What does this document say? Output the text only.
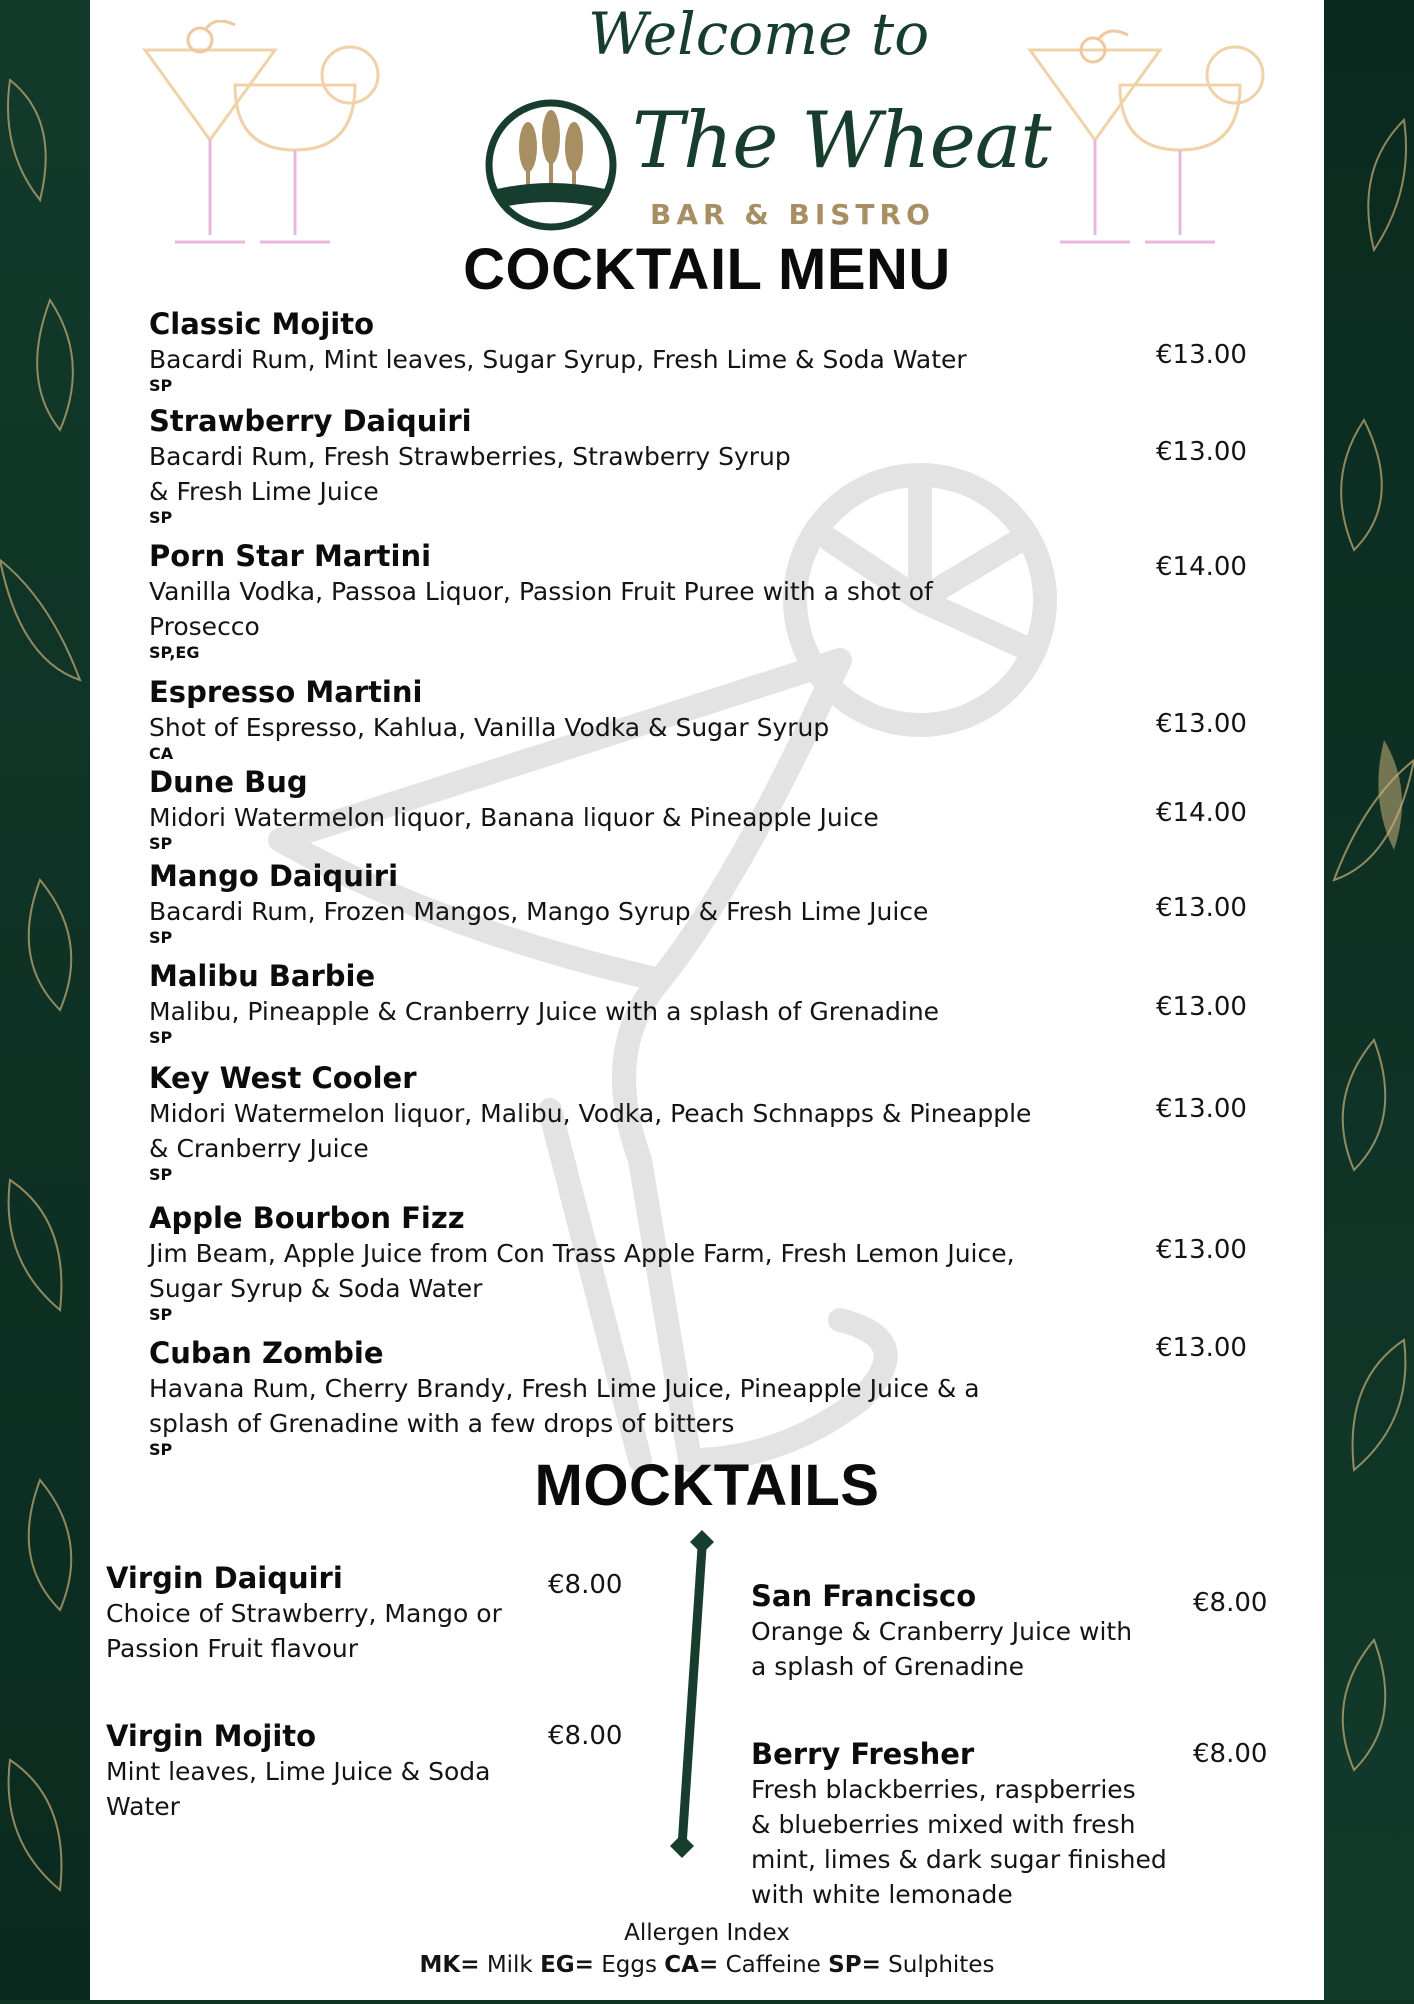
Welcome to
The Wheat
BAR & BISTRO
COCKTAIL MENU
Classic Mojito
Bacardi Rum, Mint leaves, Sugar Syrup, Fresh Lime & Soda Water
SP
€13.00
Strawberry Daiquiri
Bacardi Rum, Fresh Strawberries, Strawberry Syrup
& Fresh Lime Juice
SP
€13.00
Porn Star Martini
Vanilla Vodka, Passoa Liquor, Passion Fruit Puree with a shot of
Prosecco
SP,EG
€14.00
Espresso Martini
Shot of Espresso, Kahlua, Vanilla Vodka & Sugar Syrup
CA
€13.00
Dune Bug
Midori Watermelon liquor, Banana liquor & Pineapple Juice
SP
€14.00
Mango Daiquiri
Bacardi Rum, Frozen Mangos, Mango Syrup & Fresh Lime Juice
SP
€13.00
Malibu Barbie
Malibu, Pineapple & Cranberry Juice with a splash of Grenadine
SP
€13.00
Key West Cooler
Midori Watermelon liquor, Malibu, Vodka, Peach Schnapps & Pineapple
& Cranberry Juice
SP
€13.00
Apple Bourbon Fizz
Jim Beam, Apple Juice from Con Trass Apple Farm, Fresh Lemon Juice,
Sugar Syrup & Soda Water
SP
€13.00
Cuban Zombie
Havana Rum, Cherry Brandy, Fresh Lime Juice, Pineapple Juice & a
splash of Grenadine with a few drops of bitters
SP
€13.00
MOCKTAILS
Virgin Daiquiri
Choice of Strawberry, Mango or
Passion Fruit flavour
€8.00
Virgin Mojito
Mint leaves, Lime Juice & Soda
Water
€8.00
San Francisco
Orange & Cranberry Juice with
a splash of Grenadine
€8.00
Berry Fresher
Fresh blackberries, raspberries
& blueberries mixed with fresh
mint, limes & dark sugar finished
with white lemonade
€8.00
Allergen Index
MK= Milk EG= Eggs CA= Caffeine SP= Sulphites
